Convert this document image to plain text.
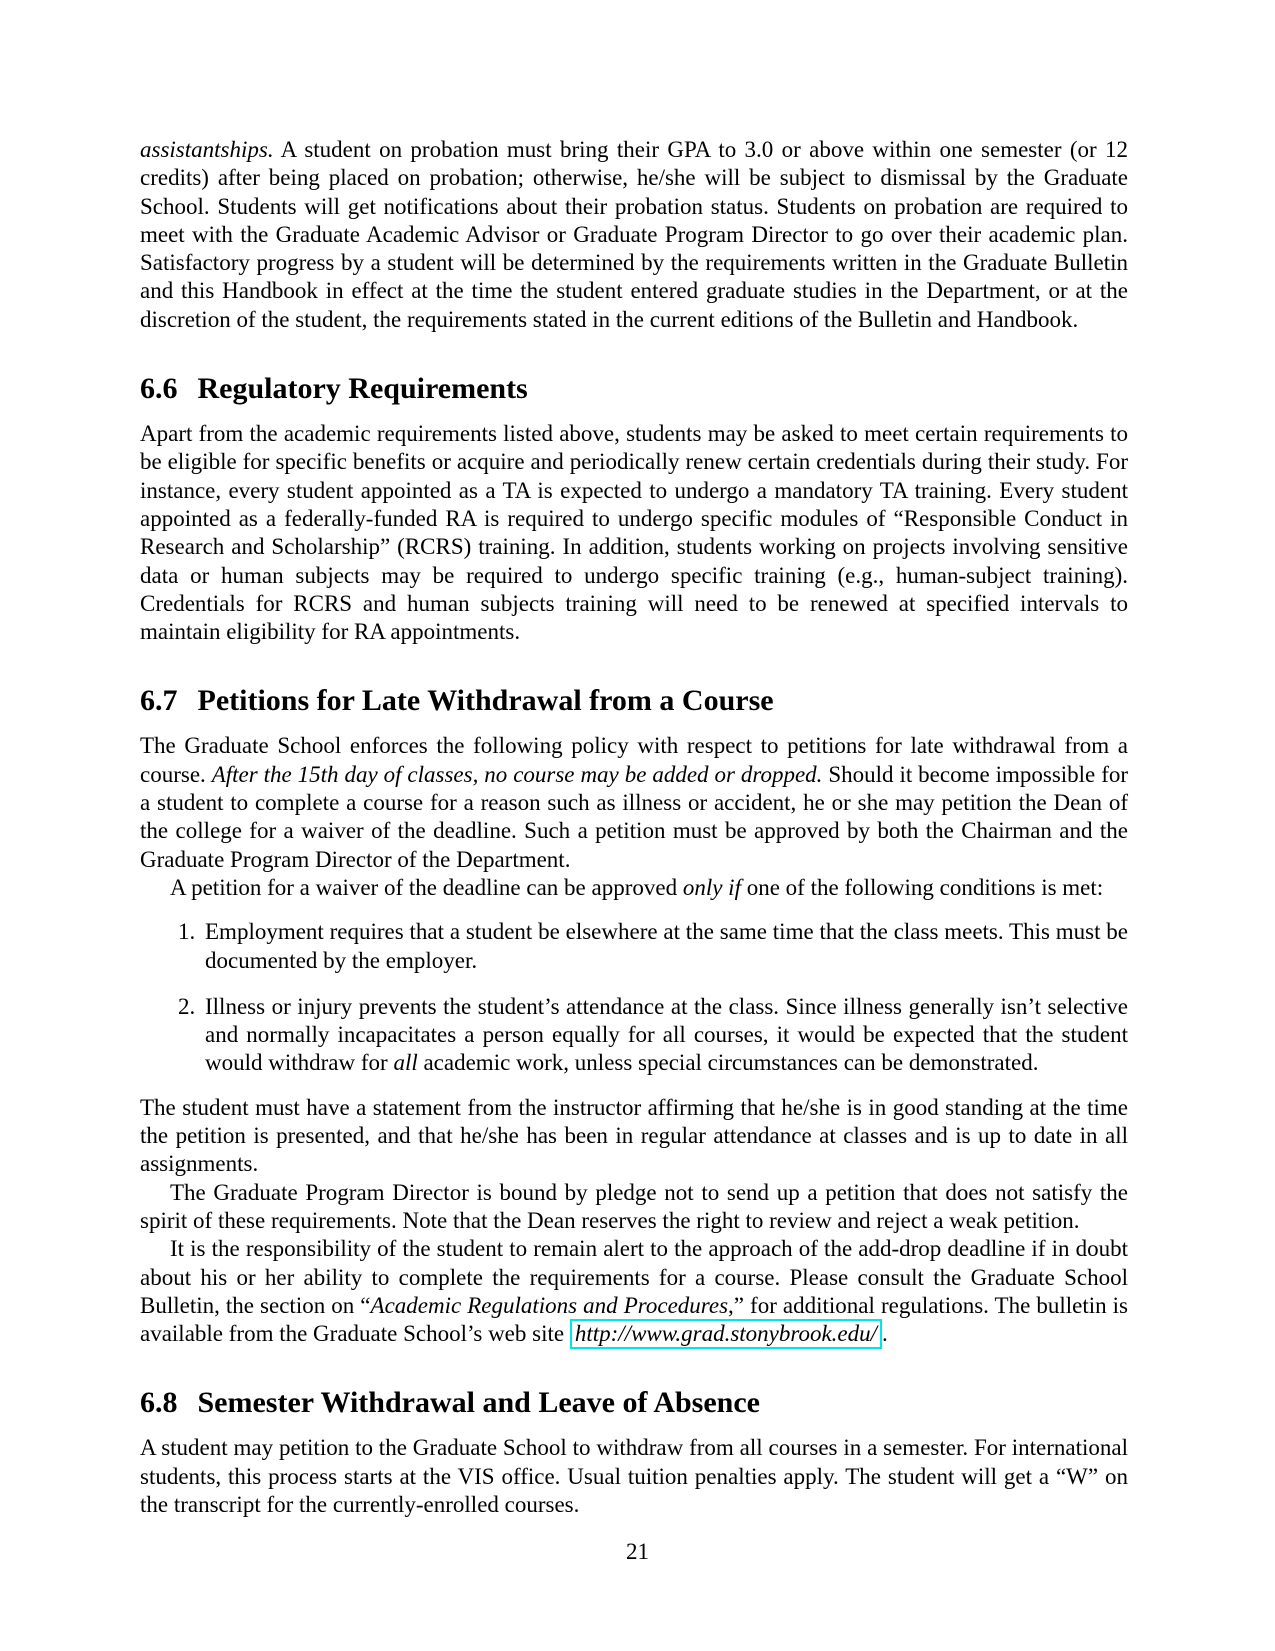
assistantships. A student on probation must bring their GPA to 3.0 or above within one semester (or 12 credits) after being placed on probation; otherwise, he/she will be subject to dismissal by the Graduate School. Students will get notifications about their probation status. Students on probation are required to meet with the Graduate Academic Advisor or Graduate Program Director to go over their academic plan. Satisfactory progress by a student will be determined by the requirements written in the Graduate Bulletin and this Handbook in effect at the time the student entered graduate studies in the Department, or at the discretion of the student, the requirements stated in the current editions of the Bulletin and Handbook.

6.6 Regulatory Requirements

Apart from the academic requirements listed above, students may be asked to meet certain requirements to be eligible for specific benefits or acquire and periodically renew certain credentials during their study. For instance, every student appointed as a TA is expected to undergo a mandatory TA training. Every student appointed as a federally-funded RA is required to undergo specific modules of “Responsible Conduct in Research and Scholarship” (RCRS) training. In addition, students working on projects involving sensitive data or human subjects may be required to undergo specific training (e.g., human-subject training). Credentials for RCRS and human subjects training will need to be renewed at specified intervals to maintain eligibility for RA appointments.

6.7 Petitions for Late Withdrawal from a Course

The Graduate School enforces the following policy with respect to petitions for late withdrawal from a course. After the 15th day of classes, no course may be added or dropped. Should it become impossible for a student to complete a course for a reason such as illness or accident, he or she may petition the Dean of the college for a waiver of the deadline. Such a petition must be approved by both the Chairman and the Graduate Program Director of the Department.

A petition for a waiver of the deadline can be approved only if one of the following conditions is met:

1. Employment requires that a student be elsewhere at the same time that the class meets. This must be documented by the employer.
2. Illness or injury prevents the student’s attendance at the class. Since illness generally isn’t selective and normally incapacitates a person equally for all courses, it would be expected that the student would withdraw for all academic work, unless special circumstances can be demonstrated.

The student must have a statement from the instructor affirming that he/she is in good standing at the time the petition is presented, and that he/she has been in regular attendance at classes and is up to date in all assignments.

The Graduate Program Director is bound by pledge not to send up a petition that does not satisfy the spirit of these requirements. Note that the Dean reserves the right to review and reject a weak petition.

It is the responsibility of the student to remain alert to the approach of the add-drop deadline if in doubt about his or her ability to complete the requirements for a course. Please consult the Graduate School Bulletin, the section on “Academic Regulations and Procedures,” for additional regulations. The bulletin is available from the Graduate School’s web site http://www.grad.stonybrook.edu/ .

6.8 Semester Withdrawal and Leave of Absence

A student may petition to the Graduate School to withdraw from all courses in a semester. For international students, this process starts at the VIS office. Usual tuition penalties apply. The student will get a “W” on the transcript for the currently-enrolled courses.

21
